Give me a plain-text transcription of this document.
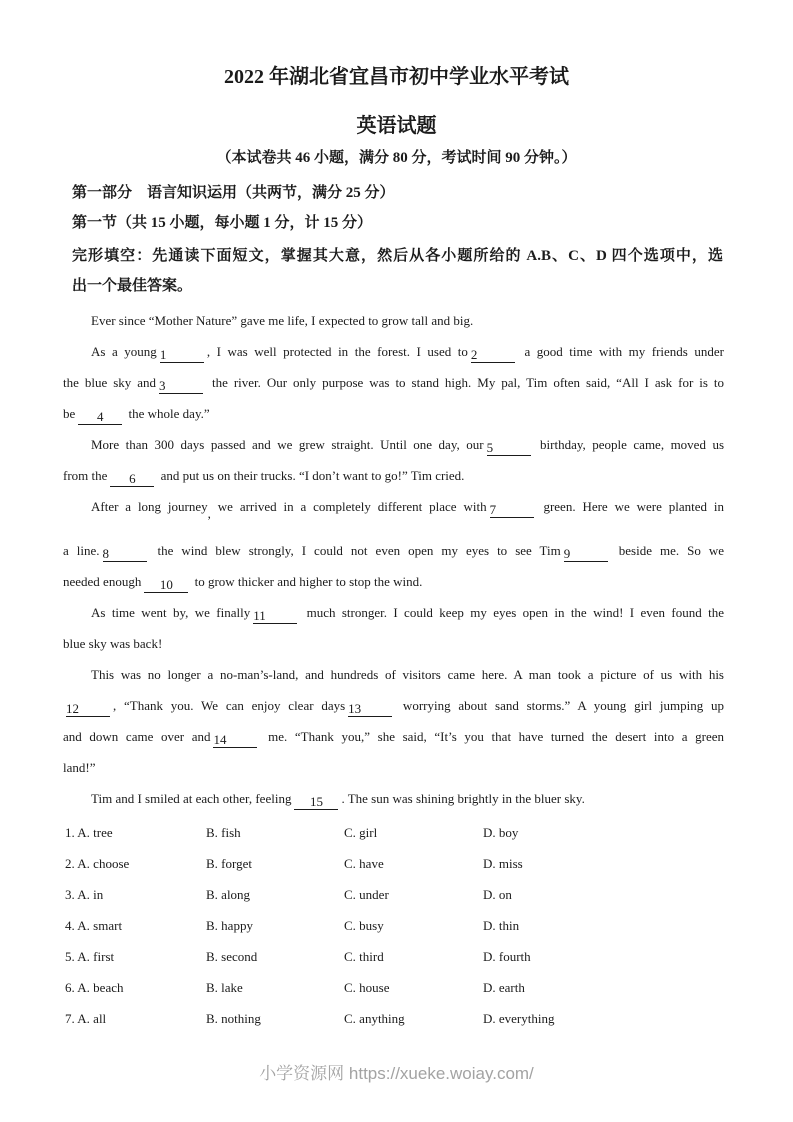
2022 年湖北省宜昌市初中学业水平考试
英语试题
（本试卷共 46 小题，满分 80 分，考试时间 90 分钟。）
第一部分　语言知识运用（共两节，满分 25 分）
第一节（共 15 小题，每小题 1 分，计 15 分）
完形填空：先通读下面短文，掌握其大意，然后从各小题所给的 A.B、C、D 四个选项中，选
出一个最佳答案。
Ever since “Mother Nature” gave me life, I expected to grow tall and big.
As a young 1	, I was well protected in the forest. I used to 2	a good time with my friends under
the blue sky and 3	the river. Our only purpose was to stand high. My pal, Tim often said, “All I ask for is to
be 4 the whole day.”
More than 300 days passed and we grew straight. Until one day, our 5	birthday, people came, moved us
from the 6 and put us on their trucks. “I don’t want to go!” Tim cried.
After a long journey, we arrived in a completely different place with 7	green. Here we were planted in
a line. 8	the wind blew strongly, I could not even open my eyes to see Tim 9	beside me. So we
needed enough 10 to grow thicker and higher to stop the wind.
As time went by, we finally 11	much stronger. I could keep my eyes open in the wind! I even found the
blue sky was back!
This was no longer a no-man’s-land, and hundreds of visitors came here. A man took a picture of us with his
12	, “Thank you. We can enjoy clear days 13	worrying about sand storms.” A young girl jumping up
and down came over and 14	me. “Thank you,” she said, “It’s you that have turned the desert into a green
land!”
Tim and I smiled at each other, feeling 15 . The sun was shining brightly in the bluer sky.
1. A. tree	B. fish	C. girl	D. boy
2. A. choose	B. forget	C. have	D. miss
3. A. in	B. along	C. under	D. on
4. A. smart	B. happy	C. busy	D. thin
5. A. first	B. second	C. third	D. fourth
6. A. beach	B. lake	C. house	D. earth
7. A. all	B. nothing	C. anything	D. everything
小学资源网 https://xueke.woiay.com/
